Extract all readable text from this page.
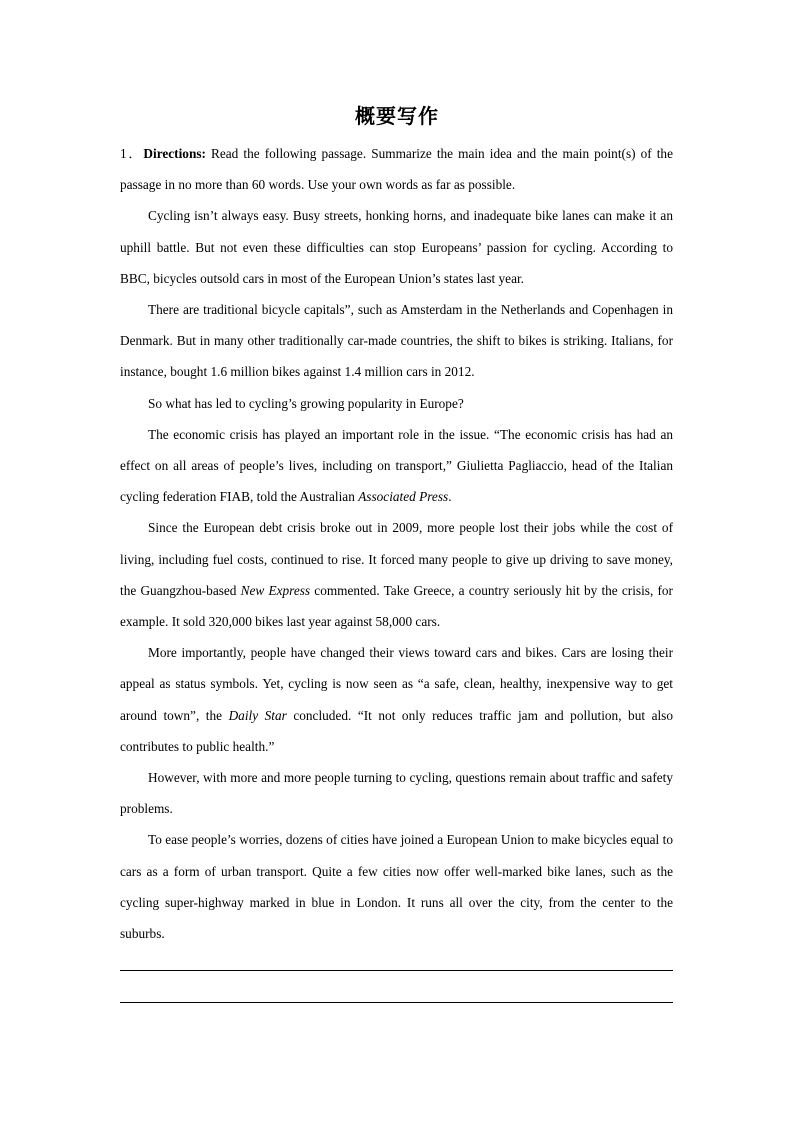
概要写作

1．Directions: Read the following passage. Summarize the main idea and the main point(s) of the passage in no more than 60 words. Use your own words as far as possible.

Cycling isn’t always easy. Busy streets, honking horns, and inadequate bike lanes can make it an uphill battle. But not even these difficulties can stop Europeans’ passion for cycling. According to BBC, bicycles outsold cars in most of the European Union’s states last year.

There are traditional bicycle capitals”, such as Amsterdam in the Netherlands and Copenhagen in Denmark. But in many other traditionally car-made countries, the shift to bikes is striking. Italians, for instance, bought 1.6 million bikes against 1.4 million cars in 2012.

So what has led to cycling’s growing popularity in Europe?

The economic crisis has played an important role in the issue. “The economic crisis has had an effect on all areas of people’s lives, including on transport,” Giulietta Pagliaccio, head of the Italian cycling federation FIAB, told the Australian Associated Press.

Since the European debt crisis broke out in 2009, more people lost their jobs while the cost of living, including fuel costs, continued to rise. It forced many people to give up driving to save money, the Guangzhou-based New Express commented. Take Greece, a country seriously hit by the crisis, for example. It sold 320,000 bikes last year against 58,000 cars.

More importantly, people have changed their views toward cars and bikes. Cars are losing their appeal as status symbols. Yet, cycling is now seen as “a safe, clean, healthy, inexpensive way to get around town”, the Daily Star concluded. “It not only reduces traffic jam and pollution, but also contributes to public health.”

However, with more and more people turning to cycling, questions remain about traffic and safety problems.

To ease people’s worries, dozens of cities have joined a European Union to make bicycles equal to cars as a form of urban transport. Quite a few cities now offer well-marked bike lanes, such as the cycling super-highway marked in blue in London. It runs all over the city, from the center to the suburbs.
